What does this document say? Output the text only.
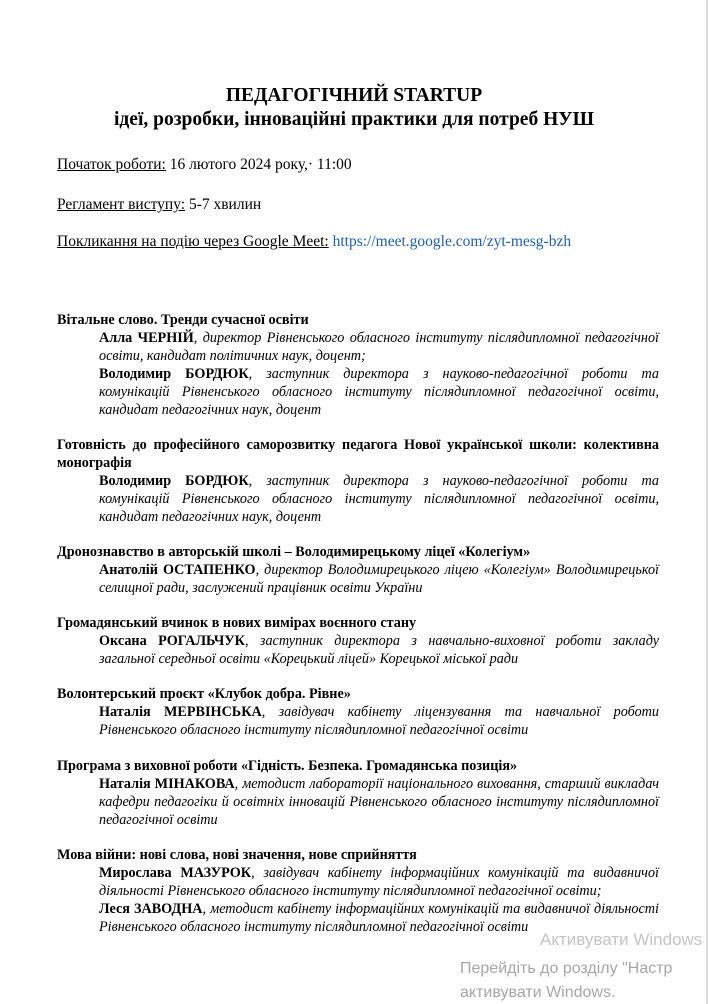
ПЕДАГОГІЧНИЙ STARTUP
ідеї, розробки, інноваційні практики для потреб НУШ
Початок роботи: 16 лютого 2024 року,· 11:00
Регламент виступу: 5-7 хвилин
Покликання на подію через Google Meet: https://meet.google.com/zyt-mesg-bzh
Вітальне слово. Тренди сучасної освіти
Алла ЧЕРНІЙ, директор Рівненського обласного інституту післядипломної педагогічної освіти, кандидат політичних наук, доцент;
Володимир БОРДЮК, заступник директора з науково-педагогічної роботи та комунікацій Рівненського обласного інституту післядипломної педагогічної освіти, кандидат педагогічних наук, доцент
Готовність до професійного саморозвитку педагога Нової української школи: колективна монографія
Володимир БОРДЮК, заступник директора з науково-педагогічної роботи та комунікацій Рівненського обласного інституту післядипломної педагогічної освіти, кандидат педагогічних наук, доцент
Дронознавство в авторській школі – Володимирецькому ліцеї «Колегіум»
Анатолій ОСТАПЕНКО, директор Володимирецького ліцею «Колегіум» Володимирецької селищної ради, заслужений працівник освіти України
Громадянський вчинок в нових вимірах воєнного стану
Оксана РОГАЛЬЧУК, заступник директора з навчально-виховної роботи закладу загальної середньої освіти «Корецький ліцей» Корецької міської ради
Волонтерський проєкт «Клубок добра. Рівне»
Наталія МЕРВІНСЬКА, завідувач кабінету ліцензування та навчальної роботи Рівненського обласного інституту післядипломної педагогічної освіти
Програма з виховної роботи «Гідність. Безпека. Громадянська позиція»
Наталія МІНАКОВА, методист лабораторії національного виховання, старший викладач кафедри педагогіки й освітніх інновацій Рівненського обласного інституту післядипломної педагогічної освіти
Мова війни: нові слова, нові значення, нове сприйняття
Мирослава МАЗУРОК, завідувач кабінету інформаційних комунікацій та видавничої діяльності Рівненського обласного інституту післядипломної педагогічної освіти;
Леся ЗАВОДНА, методист кабінету інформаційних комунікацій та видавничої діяльності Рівненського обласного інституту післядипломної педагогічної освіти
Активувати Windows
Перейдіть до розділу "Настр
активувати Windows.
